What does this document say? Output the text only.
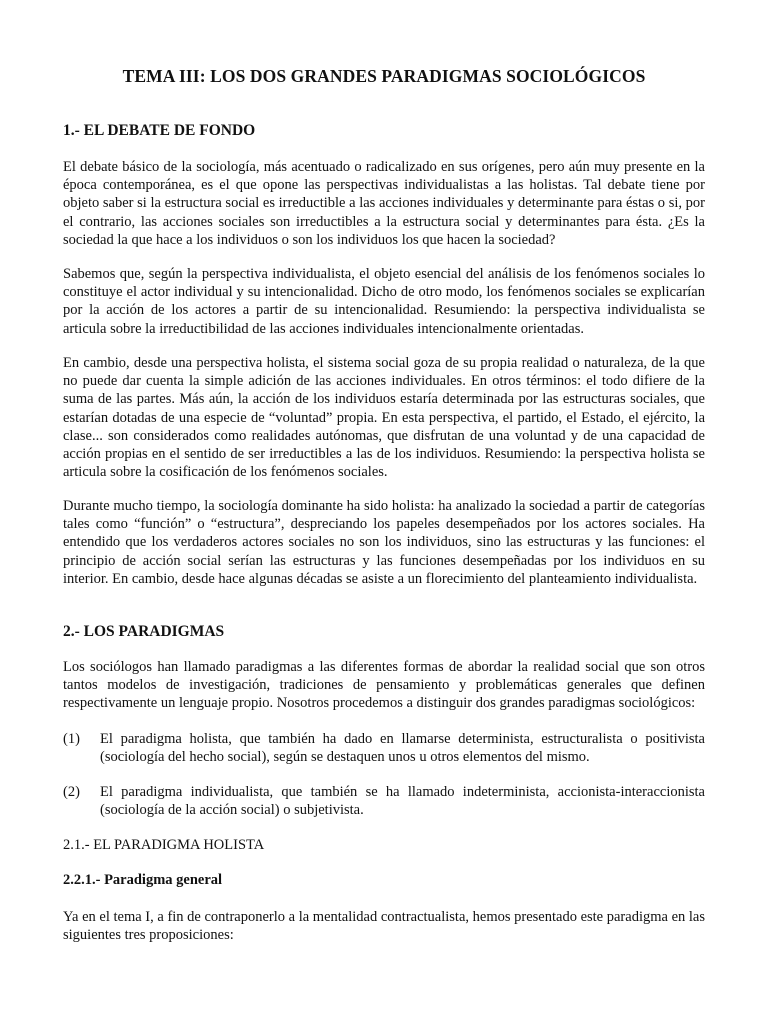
TEMA III: LOS DOS GRANDES PARADIGMAS SOCIOLÓGICOS
1.- EL DEBATE DE FONDO

El debate básico de la sociología, más acentuado o radicalizado en sus orígenes, pero aún muy presente en la época contemporánea, es el que opone las perspectivas individualistas a las holistas. Tal debate tiene por objeto saber si la estructura social es irreductible a las acciones individuales y determinante para éstas o si, por el contrario, las acciones sociales son irreductibles a la estructura social y determinantes para ésta. ¿Es la sociedad la que hace a los individuos o son los individuos los que hacen la sociedad?

Sabemos que, según la perspectiva individualista, el objeto esencial del análisis de los fenómenos sociales lo constituye el actor individual y su intencionalidad. Dicho de otro modo, los fenómenos sociales se explicarían por la acción de los actores a partir de su intencionalidad. Resumiendo: la perspectiva individualista se articula sobre la irreductibilidad de las acciones individuales intencionalmente orientadas.

En cambio, desde una perspectiva holista, el sistema social goza de su propia realidad o naturaleza, de la que no puede dar cuenta la simple adición de las acciones individuales. En otros términos: el todo difiere de la suma de las partes. Más aún, la acción de los individuos estaría determinada por las estructuras sociales, que estarían dotadas de una especie de “voluntad” propia. En esta perspectiva, el partido, el Estado, el ejército, la clase... son considerados como realidades autónomas, que disfrutan de una voluntad y de una capacidad de acción propias en el sentido de ser irreductibles a las de los individuos. Resumiendo: la perspectiva holista se articula sobre la cosificación de los fenómenos sociales.

Durante mucho tiempo, la sociología dominante ha sido holista: ha analizado la sociedad a partir de categorías tales como “función” o “estructura”, despreciando los papeles desempeñados por los actores sociales. Ha entendido que los verdaderos actores sociales no son los individuos, sino las estructuras y las funciones: el principio de acción social serían las estructuras y las funciones desempeñadas por los individuos en su interior. En cambio, desde hace algunas décadas se asiste a un florecimiento del planteamiento individualista.

2.- LOS PARADIGMAS

Los sociólogos han llamado paradigmas a las diferentes formas de abordar la realidad social que son otros tantos modelos de investigación, tradiciones de pensamiento y problemáticas generales que definen respectivamente un lenguaje propio. Nosotros procedemos a distinguir dos grandes paradigmas sociológicos:

(1) El paradigma holista, que también ha dado en llamarse determinista, estructuralista o positivista (sociología del hecho social), según se destaquen unos u otros elementos del mismo.
(2) El paradigma individualista, que también se ha llamado indeterminista, accionista-interaccionista (sociología de la acción social) o subjetivista.
2.1.- EL PARADIGMA HOLISTA
2.2.1.- Paradigma general

Ya en el tema I, a fin de contraponerlo a la mentalidad contractualista, hemos presentado este paradigma en las siguientes tres proposiciones:
